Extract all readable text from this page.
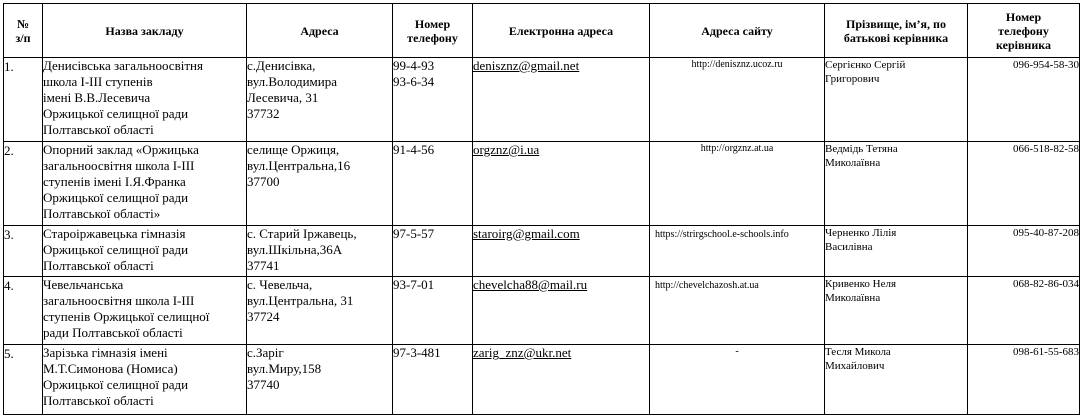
№
з/п	Назва закладу	Адреса	Номер
телефону	Електронна адреса	Адреса сайту	Прізвище, ім’я, по
батькові керівника	Номер
телефону
керівника

1.	Денисівська загальноосвітня
школа І-ІІІ ступенів
імені В.В.Лесевича
Оржицької селищної ради
Полтавської області	с.Денисівка,
вул.Володимира
Лесевича, 31
37732	99-4-93
93-6-34	denisznz@gmail.net	http://denisznz.ucoz.ru	Сергієнко Сергій
Григорович	096-954-58-30
2.	Опорний заклад «Оржицька
загальноосвітня школа І-ІІІ
ступенів імені І.Я.Франка
Оржицької селищної ради
Полтавської області»	селище Оржиця,
вул.Центральна,16
37700	91-4-56	orgznz@i.ua	http://orgznz.at.ua	Ведмідь Тетяна
Миколаївна	066-518-82-58
3.	Староіржавецька гімназія
Оржицької селищної ради
Полтавської області	с. Старий Іржавець,
вул.Шкільна,36А
37741	97-5-57	staroirg@gmail.com	https://strirgschool.e-schools.info	Черненко Лілія
Василівна	095-40-87-208
4.	Чевельчанська
загальноосвітня школа І-ІІІ
ступенів Оржицької селищної
ради Полтавської області	с. Чевельча,
вул.Центральна, 31
37724	93-7-01	chevelcha88@mail.ru	http://chevelchazosh.at.ua	Кривенко Неля
Миколаївна	068-82-86-034
5.	Зарізька гімназія імені
М.Т.Симонова (Номиса)
Оржицької селищної ради
Полтавської області	с.Заріг
вул.Миру,158
37740	97-3-481	zarig_znz@ukr.net	-	Тесля Микола
Михайлович	098-61-55-683
